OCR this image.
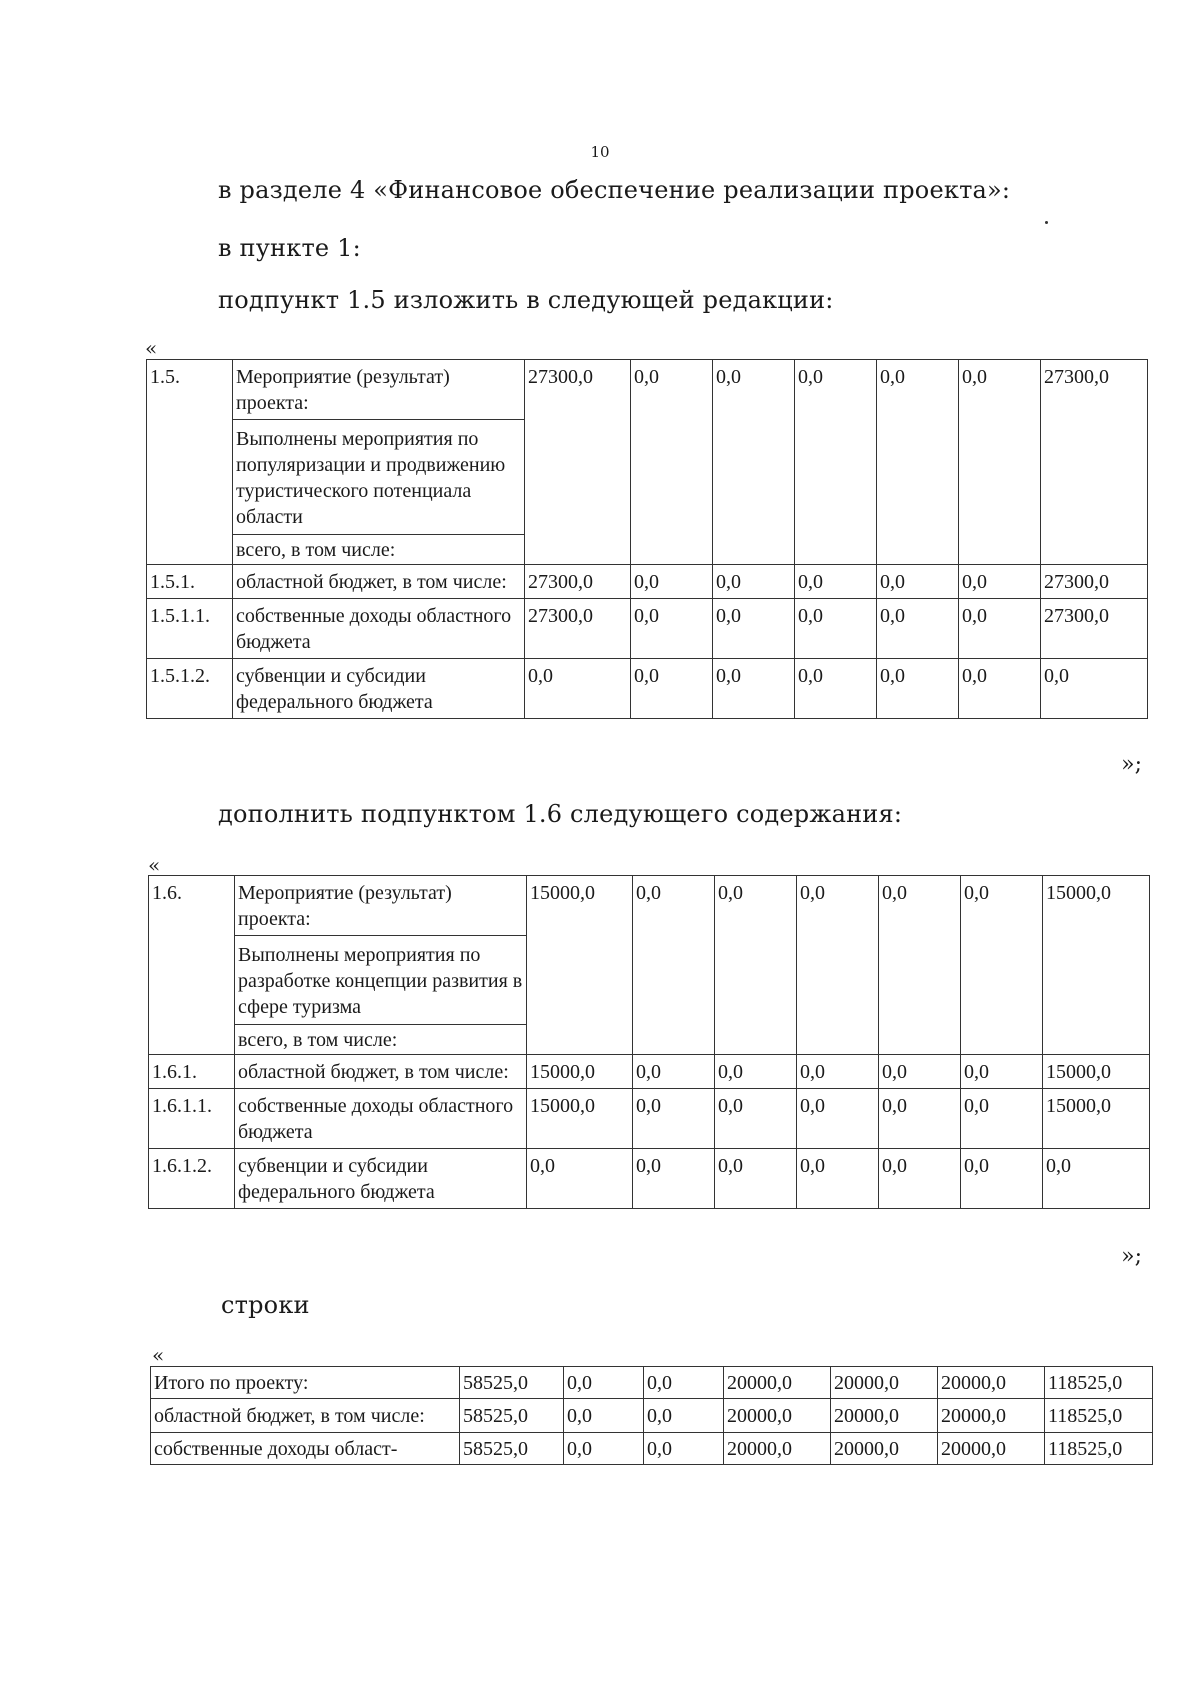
10
в разделе 4 «Финансовое обеспечение реализации проекта»:
в пункте 1:
подпункт 1.5 изложить в следующей редакции:
«
1.5.	Мероприятие (результат) проекта:	27300,0	0,0	0,0	0,0	0,0	0,0	27300,0
	Выполнены мероприятия по популяризации и продвижению туристического потенциала области							
	всего, в том числе:							
1.5.1.	областной бюджет, в том числе:	27300,0	0,0	0,0	0,0	0,0	0,0	27300,0
1.5.1.1.	собственные доходы областного бюджета	27300,0	0,0	0,0	0,0	0,0	0,0	27300,0
1.5.1.2.	субвенции и субсидии федерального бюджета	0,0	0,0	0,0	0,0	0,0	0,0	0,0
»;
дополнить подпунктом 1.6 следующего содержания:
«
1.6.	Мероприятие (результат) проекта:	15000,0	0,0	0,0	0,0	0,0	0,0	15000,0
	Выполнены мероприятия по разработке концепции развития в сфере туризма							
	всего, в том числе:							
1.6.1.	областной бюджет, в том числе:	15000,0	0,0	0,0	0,0	0,0	0,0	15000,0
1.6.1.1.	собственные доходы областного бюджета	15000,0	0,0	0,0	0,0	0,0	0,0	15000,0
1.6.1.2.	субвенции и субсидии федерального бюджета	0,0	0,0	0,0	0,0	0,0	0,0	0,0
»;
строки
«
Итого по проекту:	58525,0	0,0	0,0	20000,0	20000,0	20000,0	118525,0
областной бюджет, в том числе:	58525,0	0,0	0,0	20000,0	20000,0	20000,0	118525,0
собственные доходы област-	58525,0	0,0	0,0	20000,0	20000,0	20000,0	118525,0
